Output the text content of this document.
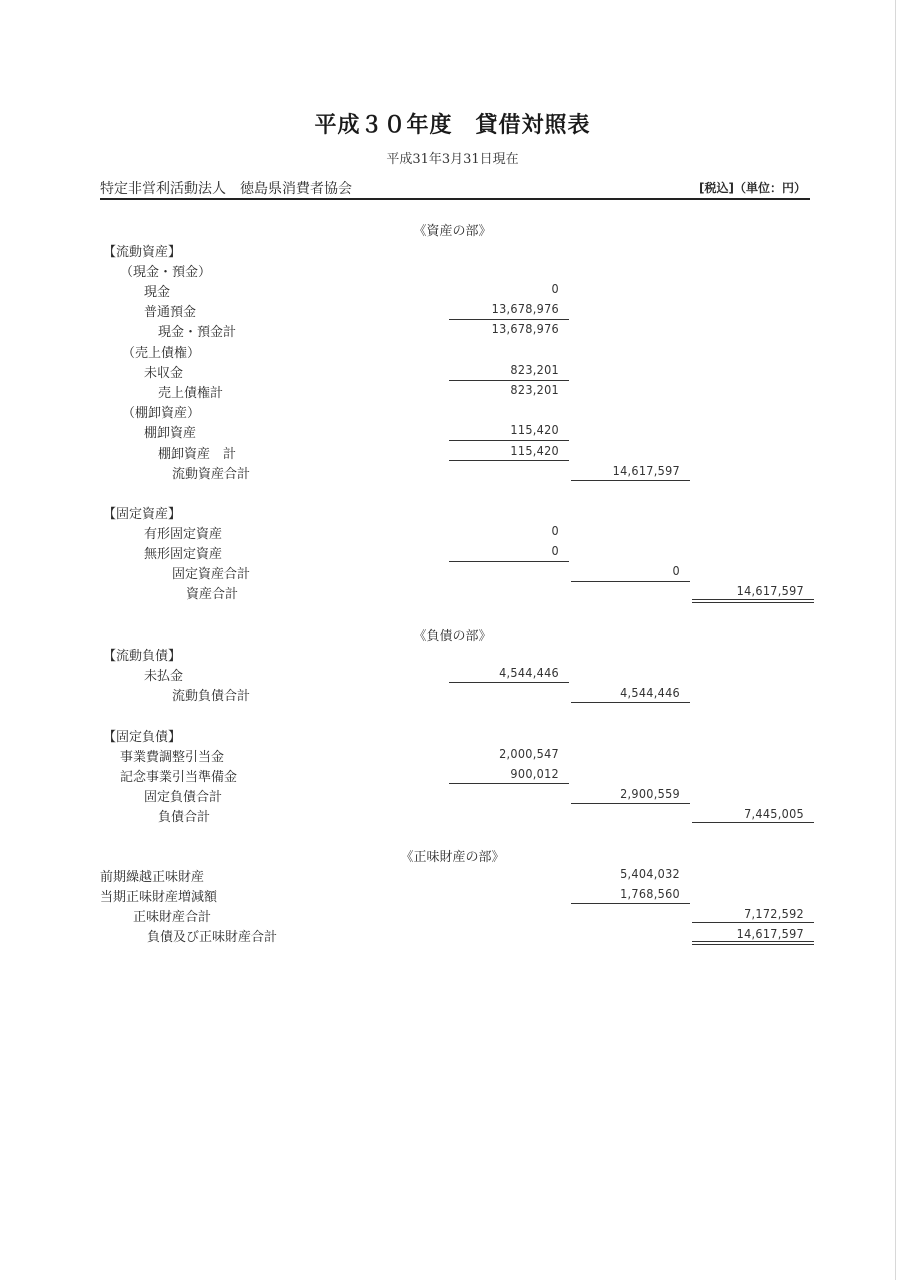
平成３０年度　貸借対照表
平成31年3月31日現在
特定非営利活動法人　徳島県消費者協会	[税込]（単位：円）
《資産の部》
【流動資産】
（現金・預金）
現金	0
普通預金	13,678,976
現金・預金計	13,678,976
（売上債権）
未収金	823,201
売上債権計	823,201
（棚卸資産）
棚卸資産	115,420
棚卸資産　計	115,420
流動資産合計	14,617,597
【固定資産】
有形固定資産	0
無形固定資産	0
固定資産合計	0
資産合計	14,617,597
《負債の部》
【流動負債】
未払金	4,544,446
流動負債合計	4,544,446
【固定負債】
事業費調整引当金	2,000,547
記念事業引当準備金	900,012
固定負債合計	2,900,559
負債合計	7,445,005
《正味財産の部》
前期繰越正味財産	5,404,032
当期正味財産増減額	1,768,560
正味財産合計	7,172,592
負債及び正味財産合計	14,617,597
